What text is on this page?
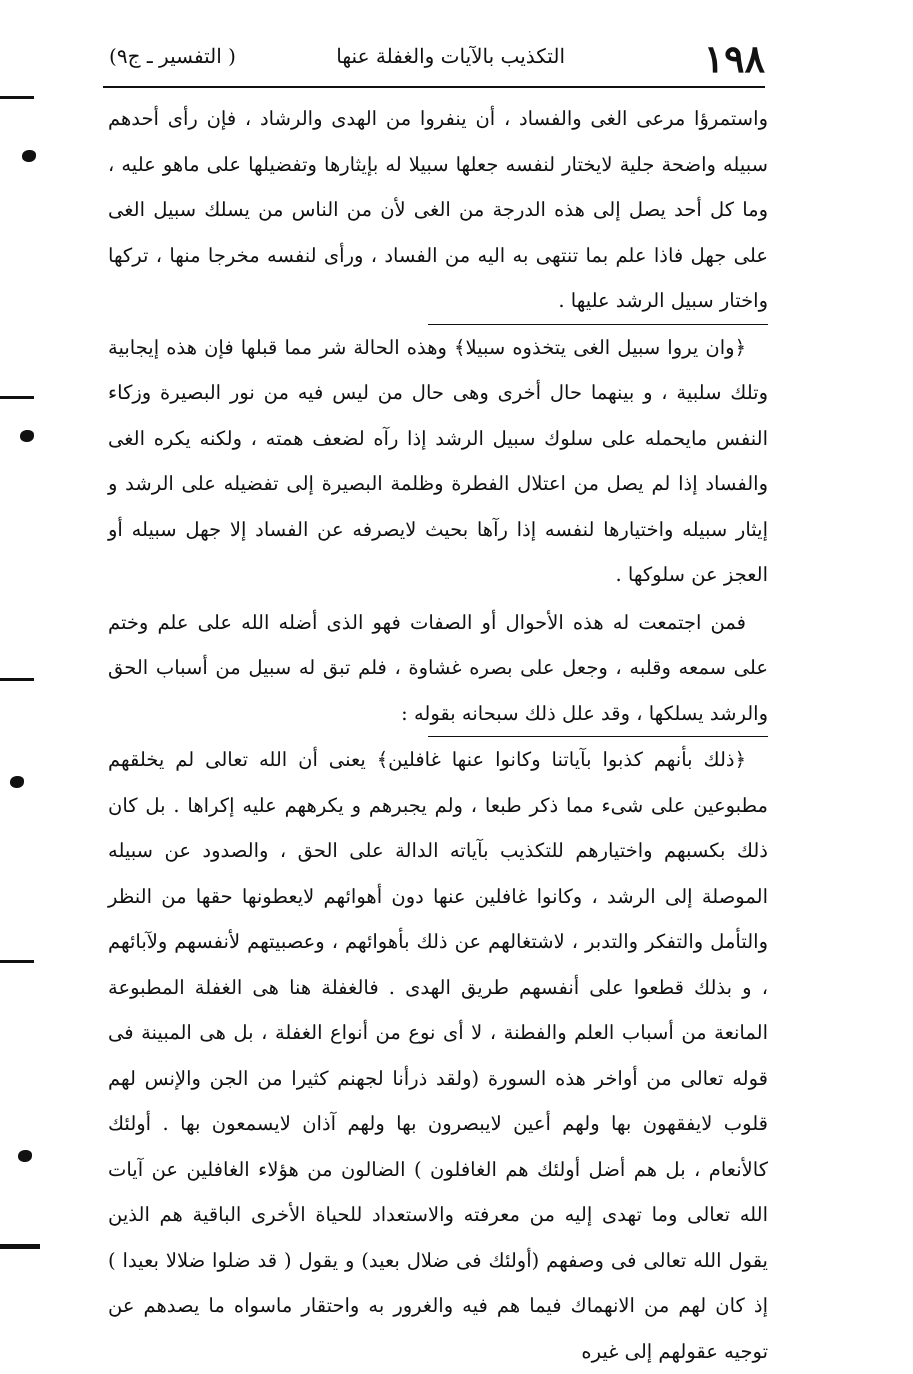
١٩٨
التكذيب بالآيات والغفلة عنها
( التفسير ـ ج٩)

واستمرؤا مرعى الغى والفساد ، أن ينفروا من الهدى والرشاد ، فإن رأى أحدهم سبيله واضحة جلية لايختار لنفسه جعلها سبيلا له بإيثارها وتفضيلها على ماهو عليه ، وما كل أحد يصل إلى هذه الدرجة من الغى لأن من الناس من يسلك سبيل الغى على جهل فاذا علم بما تنتهى به اليه من الفساد ، ورأى لنفسه مخرجا منها ، تركها واختار سبيل الرشد عليها .

﴿وان يروا سبيل الغى يتخذوه سبيلا﴾ وهذه الحالة شر مما قبلها فإن هذه إيجابية وتلك سلبية ، و بينهما حال أخرى وهى حال من ليس فيه من نور البصيرة وزكاء النفس مايحمله على سلوك سبيل الرشد إذا رآه لضعف همته ، ولكنه يكره الغى والفساد إذا لم يصل من اعتلال الفطرة وظلمة البصيرة إلى تفضيله على الرشد و إيثار سبيله واختيارها لنفسه إذا رآها بحيث لايصرفه عن الفساد إلا جهل سبيله أو العجز عن سلوكها .

فمن اجتمعت له هذه الأحوال أو الصفات فهو الذى أضله الله على علم وختم على سمعه وقلبه ، وجعل على بصره غشاوة ، فلم تبق له سبيل من أسباب الحق والرشد يسلكها ، وقد علل ذلك سبحانه بقوله :

﴿ذلك بأنهم كذبوا بآياتنا وكانوا عنها غافلين﴾ يعنى أن الله تعالى لم يخلقهم مطبوعين على شىء مما ذكر طبعا ، ولم يجبرهم و يكرههم عليه إكراها . بل كان ذلك بكسبهم واختيارهم للتكذيب بآياته الدالة على الحق ، والصدود عن سبيله الموصلة إلى الرشد ، وكانوا غافلين عنها دون أهوائهم لايعطونها حقها من النظر والتأمل والتفكر والتدبر ، لاشتغالهم عن ذلك بأهوائهم ، وعصبيتهم لأنفسهم ولآبائهم ، و بذلك قطعوا على أنفسهم طريق الهدى . فالغفلة هنا هى الغفلة المطبوعة المانعة من أسباب العلم والفطنة ، لا أى نوع من أنواع الغفلة ، بل هى المبينة فى قوله تعالى من أواخر هذه السورة (ولقد ذرأنا لجهنم كثيرا من الجن والإنس لهم قلوب لايفقهون بها ولهم أعين لايبصرون بها ولهم آذان لايسمعون بها . أولئك كالأنعام ، بل هم أضل أولئك هم الغافلون ) الضالون من هؤلاء الغافلين عن آيات الله تعالى وما تهدى إليه من معرفته والاستعداد للحياة الأخرى الباقية هم الذين يقول الله تعالى فى وصفهم (أولئك فى ضلال بعيد) و يقول ( قد ضلوا ضلالا بعيدا ) إذ كان لهم من الانهماك فيما هم فيه والغرور به واحتقار ماسواه ما يصدهم عن توجيه عقولهم إلى غيره
